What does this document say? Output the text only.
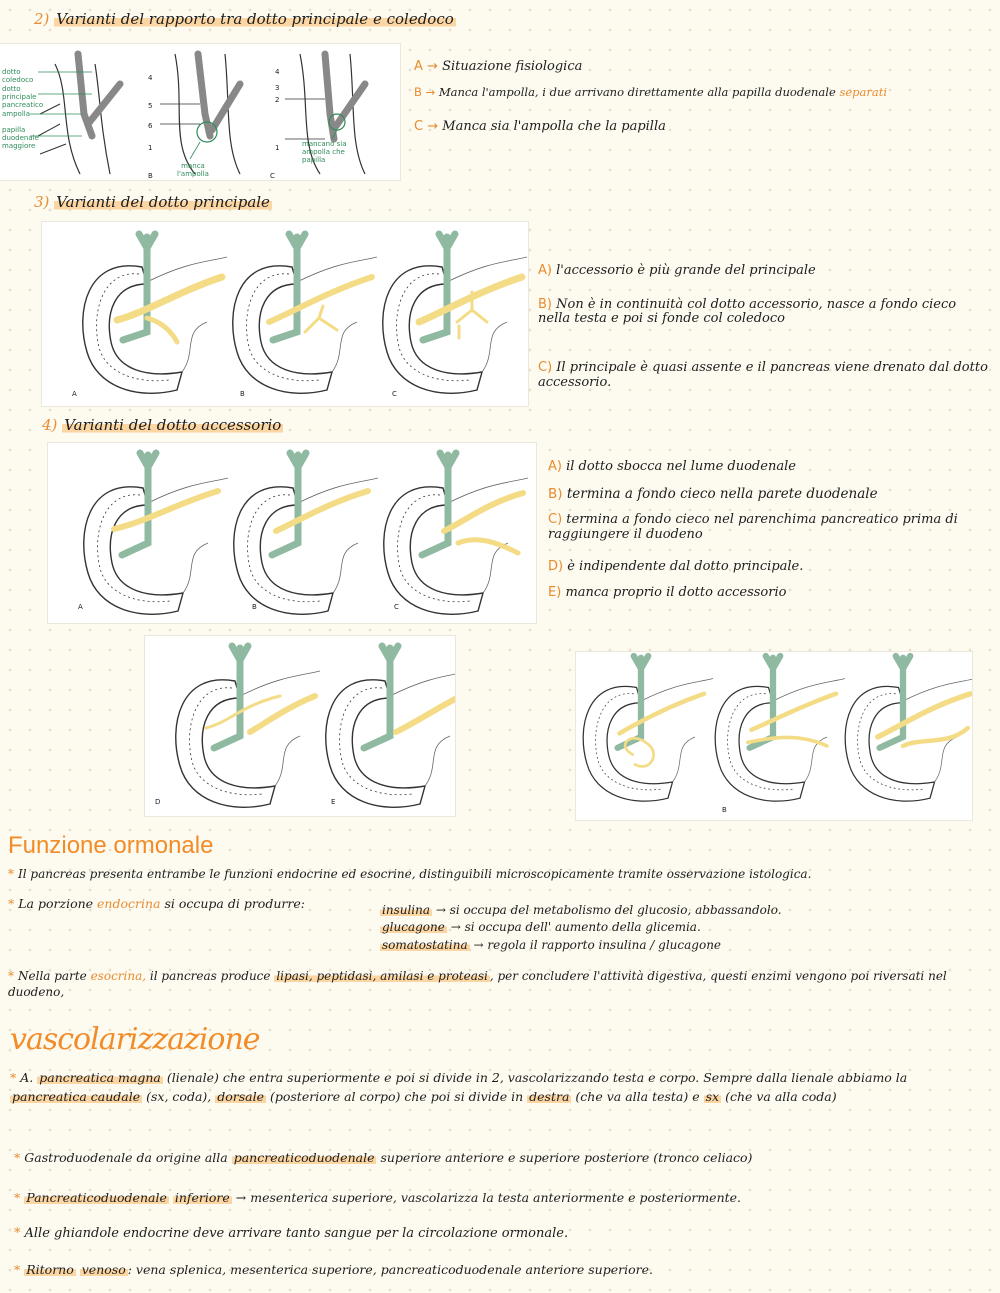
2) Varianti del rapporto tra dotto principale e coledoco
dotto coledoco
dotto principale pancreatico
ampolla
papilla duodenale maggiore
manca l'ampolla
mancano sia ampolla che papilla
4
5
6
1
4
3
2
1
B	C
A → Situazione fisiologica
B → Manca l'ampolla, i due arrivano direttamente alla papilla duodenale separati
C → Manca sia l'ampolla che la papilla
3) Varianti del dotto principale
A	B	C
A) l'accessorio è più grande del principale
B) Non è in continuità col dotto accessorio, nasce a fondo cieco nella testa e poi si fonde col coledoco
C) Il principale è quasi assente e il pancreas viene drenato dal dotto accessorio.
4) Varianti del dotto accessorio
A	B	C
A) il dotto sbocca nel lume duodenale
B) termina a fondo cieco nella parete duodenale
C) termina a fondo cieco nel parenchima pancreatico prima di raggiungere il duodeno
D) è indipendente dal dotto principale.
E) manca proprio il dotto accessorio
D	E
B
Funzione ormonale
* Il pancreas presenta entrambe le funzioni endocrine ed esocrine, distinguibili microscopicamente tramite osservazione istologica.
* La porzione endocrina si occupa di produrre:	insulina → si occupa del metabolismo del glucosio, abbassandolo.
glucagone → si occupa dell' aumento della glicemia.
somatostatina → regola il rapporto insulina / glucagone
* Nella parte esocrina, il pancreas produce lipasi, peptidasi, amilasi e proteasi , per concludere l'attività digestiva, questi enzimi vengono poi riversati nel duodeno,
vascolarizzazione
* A. pancreatica magna (lienale) che entra superiormente e poi si divide in 2, vascolarizzando testa e corpo. Sempre dalla lienale abbiamo la pancreatica caudale (sx, coda), dorsale (posteriore al corpo) che poi si divide in destra (che va alla testa) e sx (che va alla coda)
* Gastroduodenale da origine alla pancreaticoduodenale superiore anteriore e superiore posteriore (tronco celiaco)
* Pancreaticoduodenale inferiore → mesenterica superiore, vascolarizza la testa anteriormente e posteriormente.
* Alle ghiandole endocrine deve arrivare tanto sangue per la circolazione ormonale.
* Ritorno venoso : vena splenica, mesenterica superiore, pancreaticoduodenale anteriore superiore.
